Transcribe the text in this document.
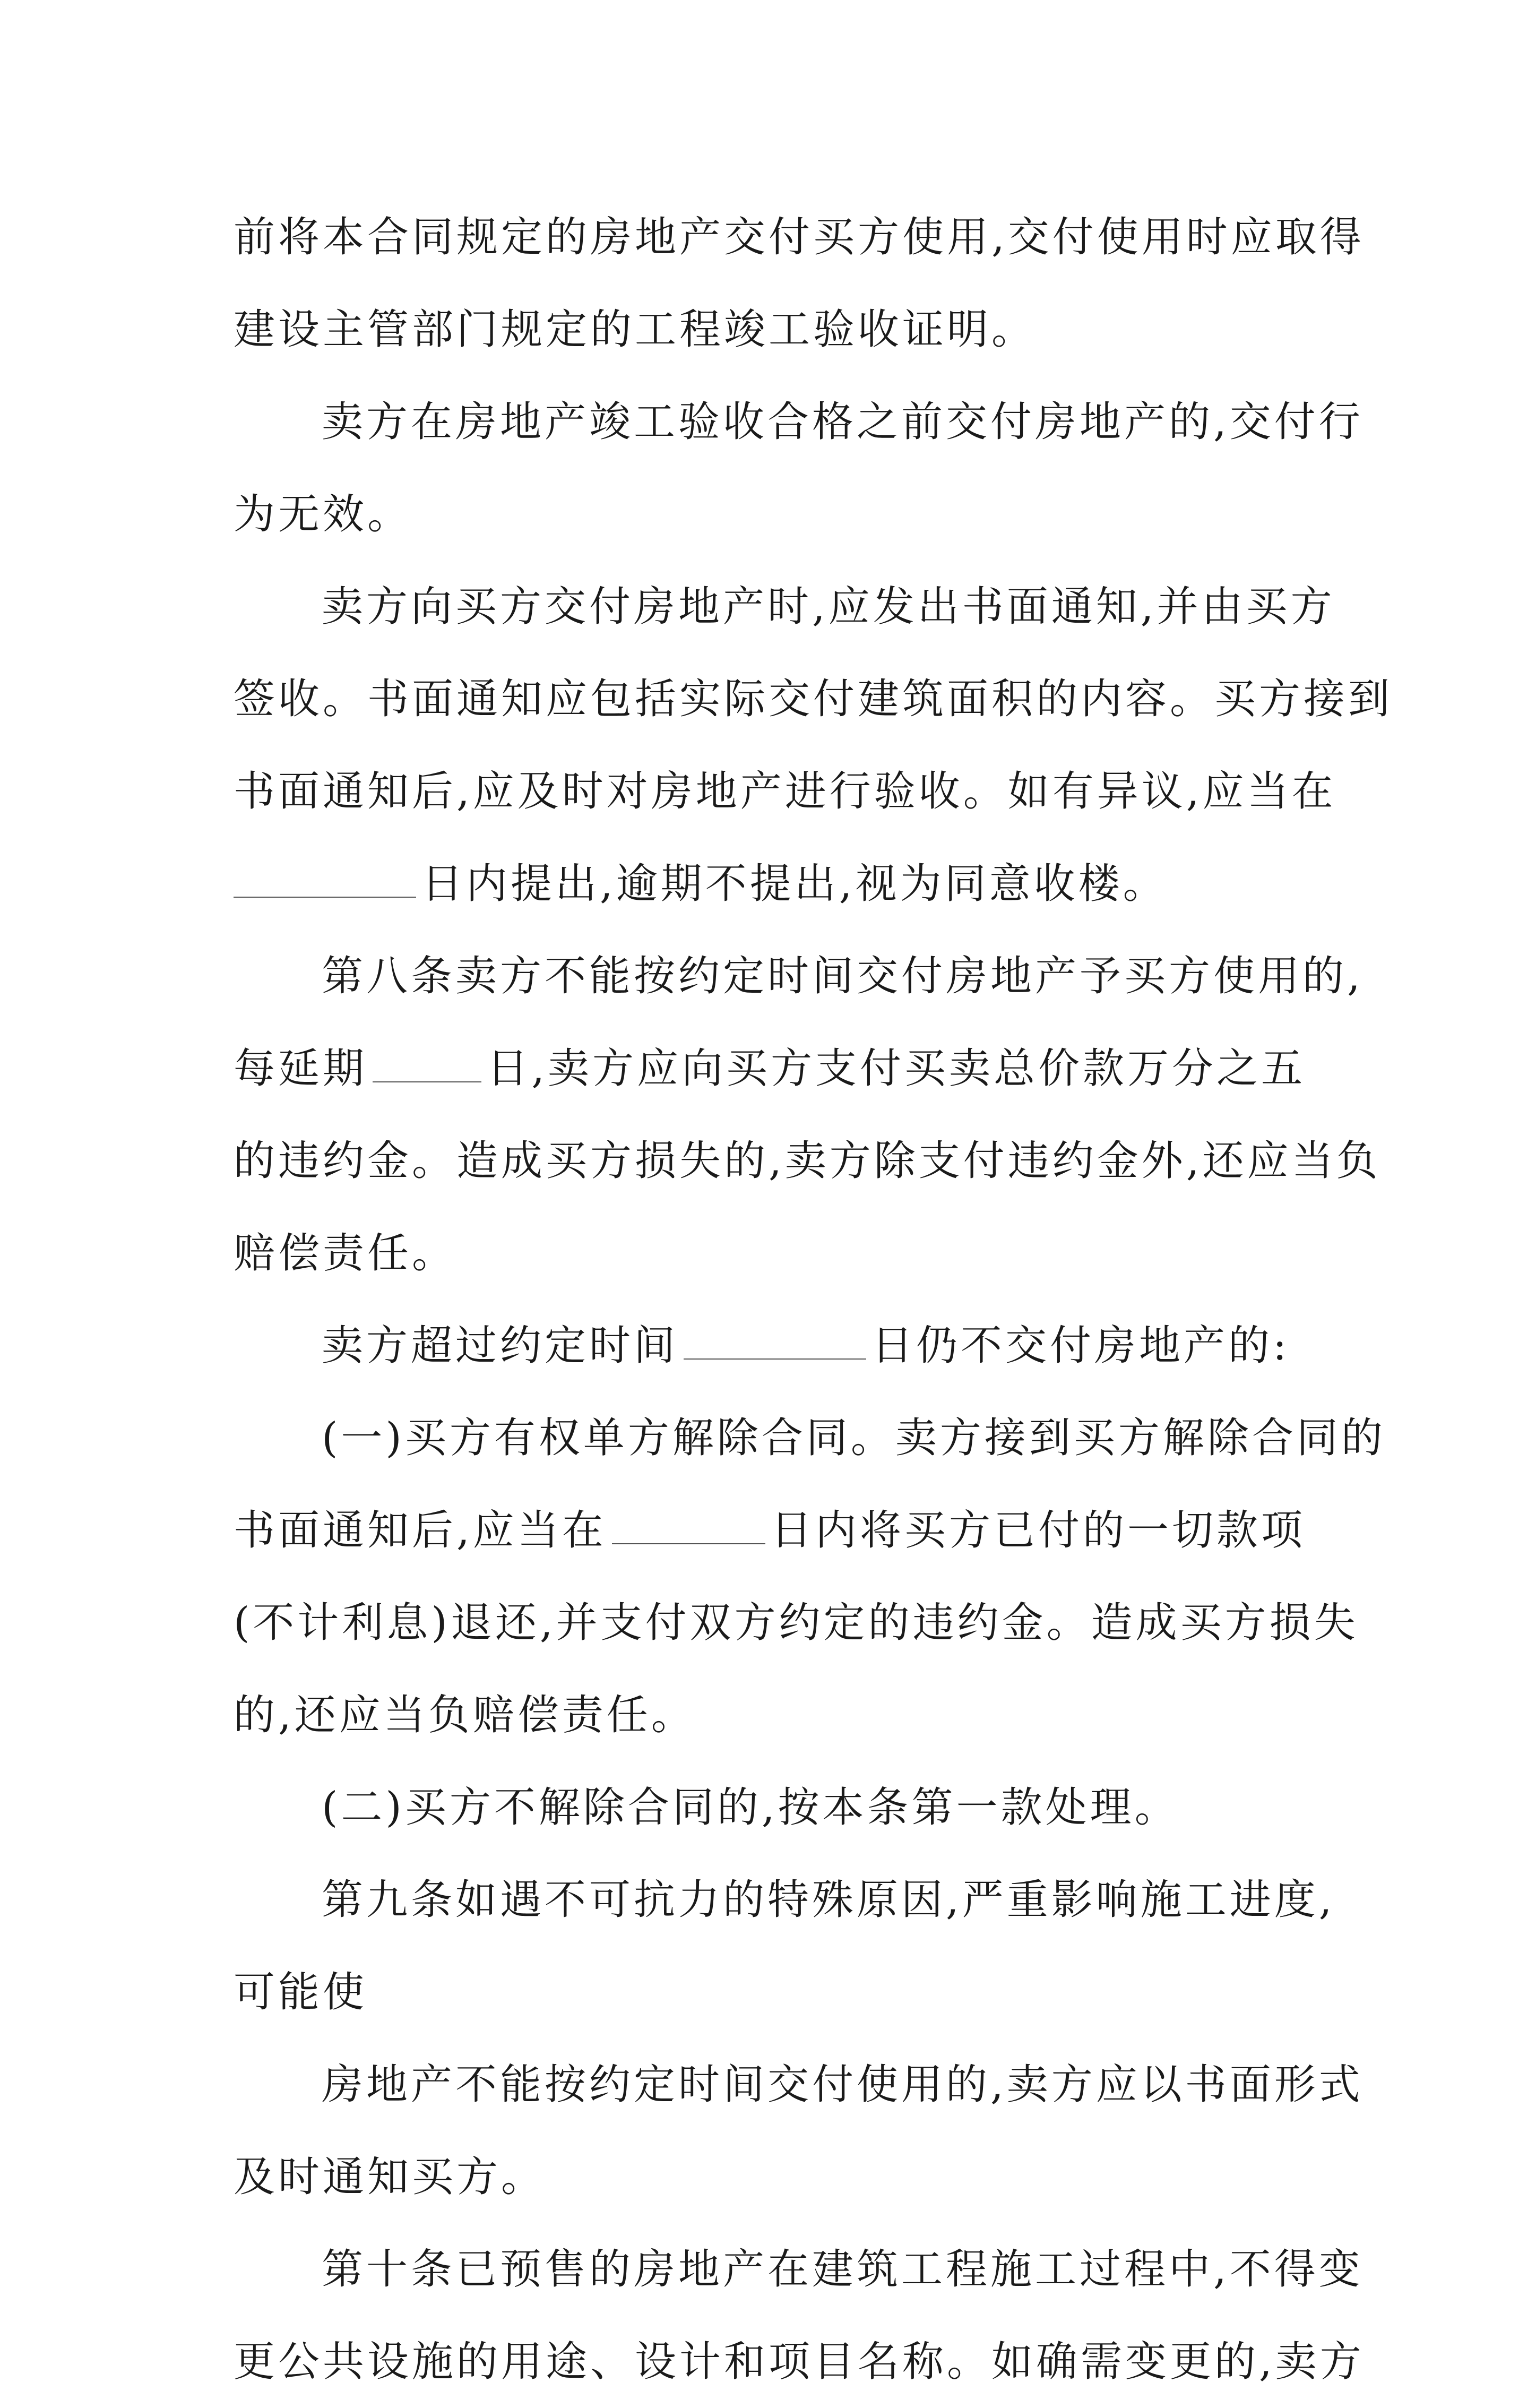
前将本合同规定的房地产交付买方使用,交付使用时应取得
建设主管部门规定的工程竣工验收证明。
卖方在房地产竣工验收合格之前交付房地产的,交付行
为无效。
卖方向买方交付房地产时,应发出书面通知,并由买方
签收。书面通知应包括实际交付建筑面积的内容。买方接到
书面通知后,应及时对房地产进行验收。如有异议,应当在
日内提出,逾期不提出,视为同意收楼。
第八条卖方不能按约定时间交付房地产予买方使用的,
每延期	日,卖方应向买方支付买卖总价款万分之五
的违约金。造成买方损失的,卖方除支付违约金外,还应当负
赔偿责任。
卖方超过约定时间	日仍不交付房地产的:
(一)买方有权单方解除合同。卖方接到买方解除合同的
书面通知后,应当在	日内将买方已付的一切款项
(不计利息)退还,并支付双方约定的违约金。造成买方损失
的,还应当负赔偿责任。
(二)买方不解除合同的,按本条第一款处理。
第九条如遇不可抗力的特殊原因,严重影响施工进度,
可能使
房地产不能按约定时间交付使用的,卖方应以书面形式
及时通知买方。
第十条已预售的房地产在建筑工程施工过程中,不得变
更公共设施的用途、设计和项目名称。如确需变更的,卖方
